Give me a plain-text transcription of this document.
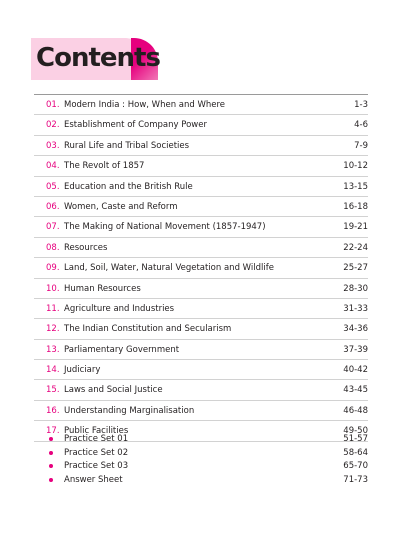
Contents
01. Modern India : How, When and Where	1-3
02. Establishment of Company Power	4-6
03. Rural Life and Tribal Societies	7-9
04. The Revolt of 1857	10-12
05. Education and the British Rule	13-15
06. Women, Caste and Reform	16-18
07. The Making of National Movement (1857-1947)	19-21
08. Resources	22-24
09. Land, Soil, Water, Natural Vegetation and Wildlife	25-27
10. Human Resources	28-30
11. Agriculture and Industries	31-33
12. The Indian Constitution and Secularism	34-36
13. Parliamentary Government	37-39
14. Judiciary	40-42
15. Laws and Social Justice	43-45
16. Understanding Marginalisation	46-48
17. Public Facilities	49-50
Practice Set 01	51-57
Practice Set 02	58-64
Practice Set 03	65-70
Answer Sheet	71-73
